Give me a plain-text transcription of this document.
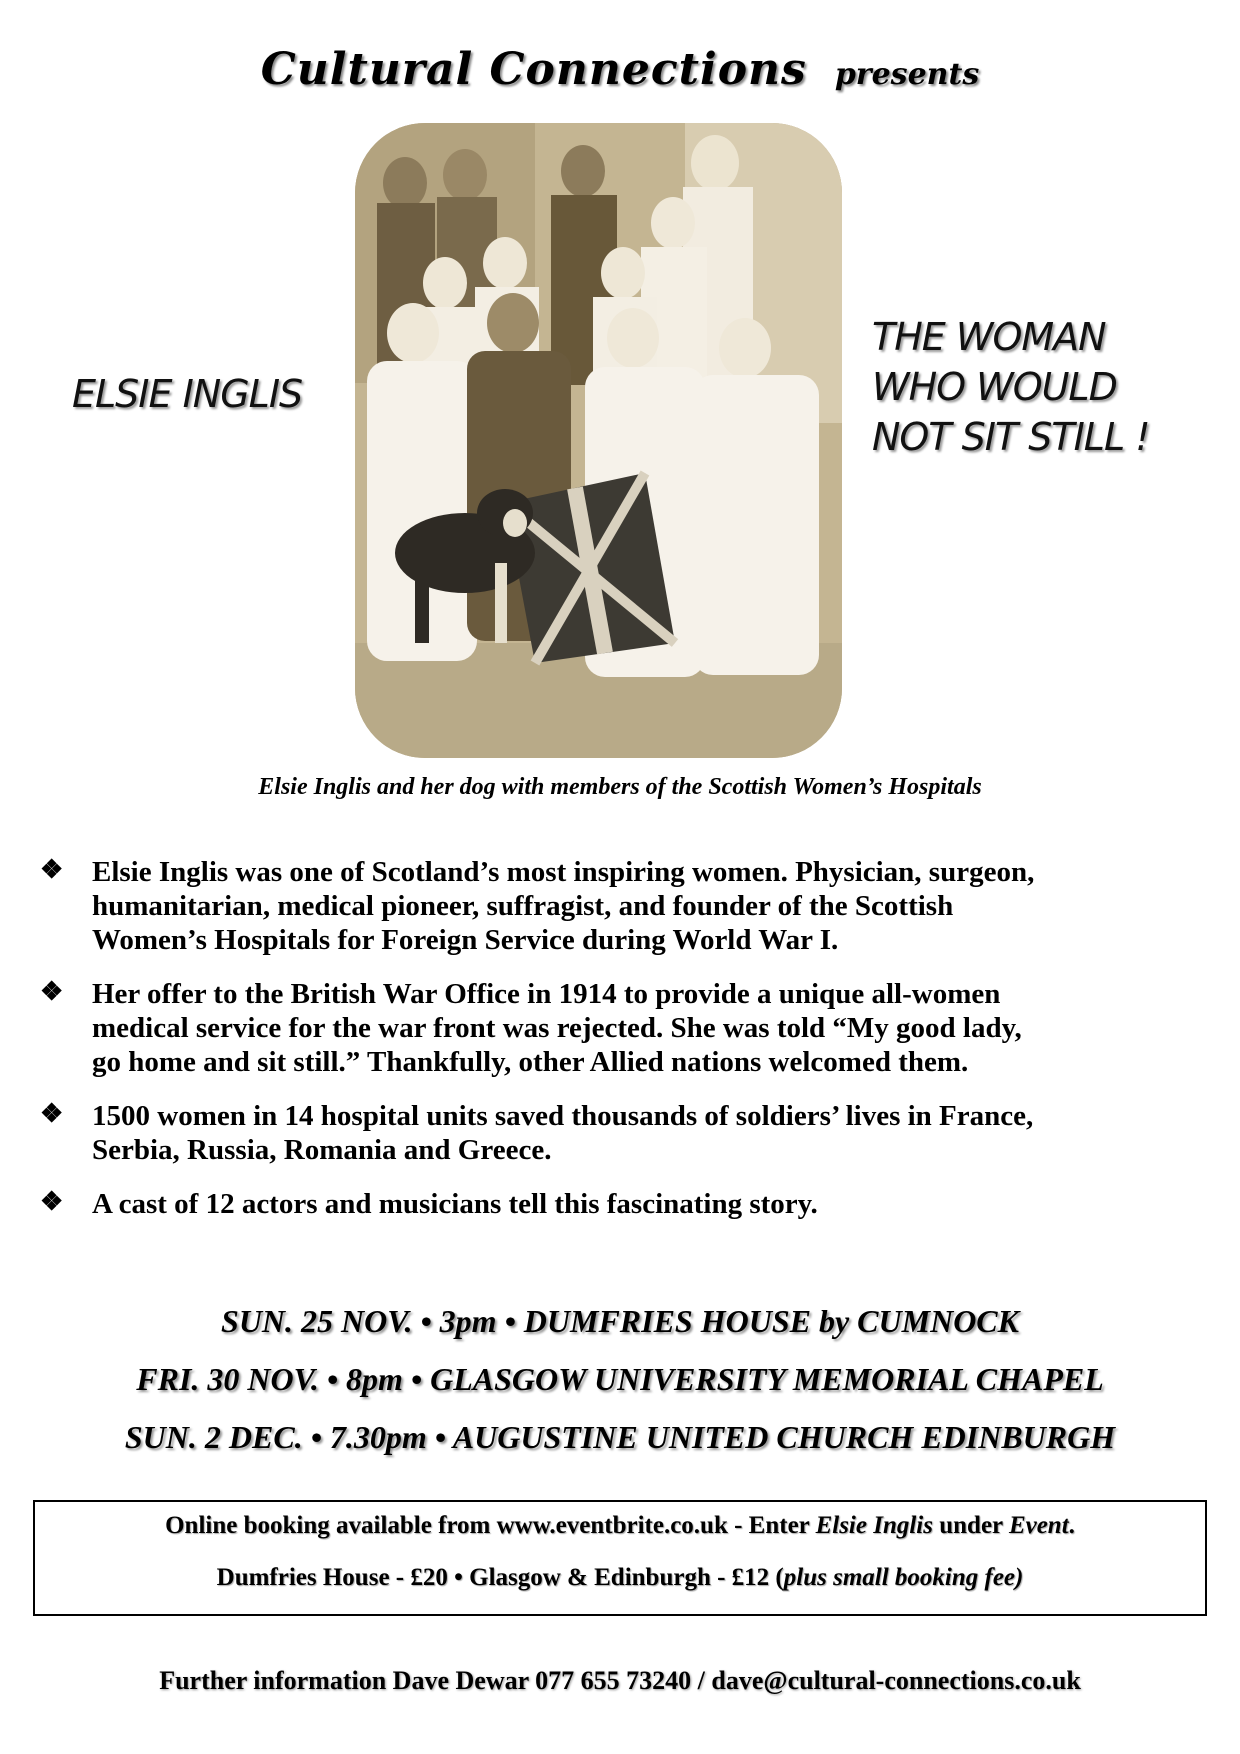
Cultural Connections presents
ELSIE INGLIS
THE WOMAN
WHO WOULD
NOT SIT STILL !
Elsie Inglis and her dog with members of the Scottish Women’s Hospitals
❖ Elsie Inglis was one of Scotland’s most inspiring women. Physician, surgeon,
humanitarian, medical pioneer, suffragist, and founder of the Scottish
Women’s Hospitals for Foreign Service during World War I.
❖ Her offer to the British War Office in 1914 to provide a unique all-women
medical service for the war front was rejected. She was told “My good lady,
go home and sit still.” Thankfully, other Allied nations welcomed them.
❖ 1500 women in 14 hospital units saved thousands of soldiers’ lives in France,
Serbia, Russia, Romania and Greece.
❖ A cast of 12 actors and musicians tell this fascinating story.
SUN. 25 NOV. • 3pm • DUMFRIES HOUSE by CUMNOCK
FRI. 30 NOV. • 8pm • GLASGOW UNIVERSITY MEMORIAL CHAPEL
SUN. 2 DEC. • 7.30pm • AUGUSTINE UNITED CHURCH EDINBURGH
Online booking available from www.eventbrite.co.uk - Enter Elsie Inglis under Event.
Dumfries House - £20 • Glasgow & Edinburgh - £12 (plus small booking fee)
Further information Dave Dewar 077 655 73240 / dave@cultural-connections.co.uk
